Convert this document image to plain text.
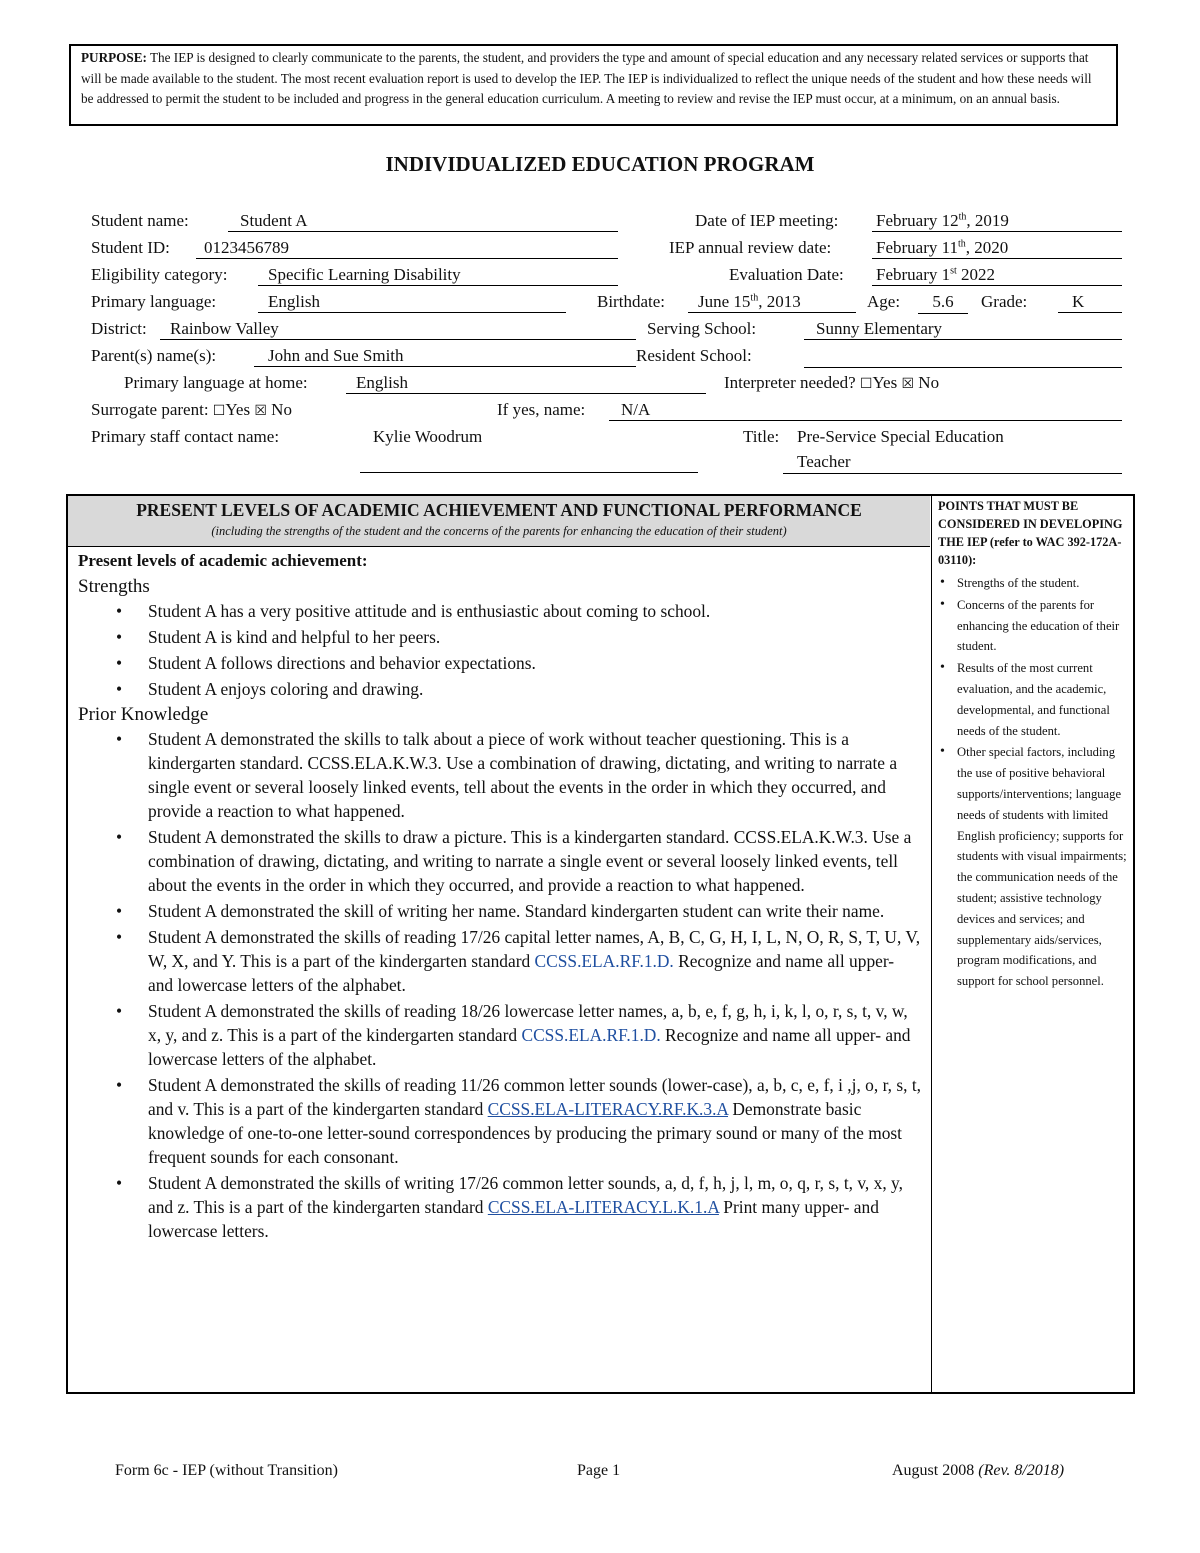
PURPOSE: The IEP is designed to clearly communicate to the parents, the student, and providers the type and amount of special education and any necessary related services or supports that will be made available to the student. The most recent evaluation report is used to develop the IEP. The IEP is individualized to reflect the unique needs of the student and how these needs will be addressed to permit the student to be included and progress in the general education curriculum. A meeting to review and revise the IEP must occur, at a minimum, on an annual basis.
INDIVIDUALIZED EDUCATION PROGRAM
Student name:	Student A	Date of IEP meeting: February 12th, 2019
Student ID:	0123456789	IEP annual review date:	February 11th, 2020
Eligibility category:	Specific Learning Disability	Evaluation Date: February 1st 2022
Primary language:	English	Birthdate:	June 15th, 2013	Age:	5.6	Grade:	K
District:	Rainbow Valley	Serving School:	Sunny Elementary
Parent(s) name(s):	John and Sue Smith	Resident School:
Primary language at home:	English	Interpreter needed? ☐Yes ☒ No
Surrogate parent: ☐Yes ☒ No	If yes, name:	N/A
Primary staff contact name:	Kylie Woodrum	Title: Pre-Service Special Education
Teacher
PRESENT LEVELS OF ACADEMIC ACHIEVEMENT AND FUNCTIONAL PERFORMANCE
(including the strengths of the student and the concerns of the parents for enhancing the education of their student)
Present levels of academic achievement:
Strengths
• Student A has a very positive attitude and is enthusiastic about coming to school.
• Student A is kind and helpful to her peers.
• Student A follows directions and behavior expectations.
• Student A enjoys coloring and drawing.
Prior Knowledge
• Student A demonstrated the skills to talk about a piece of work without teacher questioning. This is a kindergarten standard. CCSS.ELA.K.W.3. Use a combination of drawing, dictating, and writing to narrate a single event or several loosely linked events, tell about the events in the order in which they occurred, and provide a reaction to what happened.
• Student A demonstrated the skills to draw a picture. This is a kindergarten standard. CCSS.ELA.K.W.3. Use a combination of drawing, dictating, and writing to narrate a single event or several loosely linked events, tell about the events in the order in which they occurred, and provide a reaction to what happened.
• Student A demonstrated the skill of writing her name. Standard kindergarten student can write their name.
• Student A demonstrated the skills of reading 17/26 capital letter names, A, B, C, G, H, I, L, N, O, R, S, T, U, V, W, X, and Y. This is a part of the kindergarten standard CCSS.ELA.RF.1.D. Recognize and name all upper- and lowercase letters of the alphabet.
• Student A demonstrated the skills of reading 18/26 lowercase letter names, a, b, e, f, g, h, i, k, l, o, r, s, t, v, w, x, y, and z. This is a part of the kindergarten standard CCSS.ELA.RF.1.D. Recognize and name all upper- and lowercase letters of the alphabet.
• Student A demonstrated the skills of reading 11/26 common letter sounds (lower-case), a, b, c, e, f, i ,j, o, r, s, t, and v. This is a part of the kindergarten standard CCSS.ELA-LITERACY.RF.K.3.A Demonstrate basic knowledge of one-to-one letter-sound correspondences by producing the primary sound or many of the most frequent sounds for each consonant.
• Student A demonstrated the skills of writing 17/26 common letter sounds, a, d, f, h, j, l, m, o, q, r, s, t, v, x, y, and z. This is a part of the kindergarten standard CCSS.ELA-LITERACY.L.K.1.A Print many upper- and lowercase letters.
POINTS THAT MUST BE CONSIDERED IN DEVELOPING THE IEP (refer to WAC 392-172A-03110):
• Strengths of the student.
• Concerns of the parents for enhancing the education of their student.
• Results of the most current evaluation, and the academic, developmental, and functional needs of the student.
• Other special factors, including the use of positive behavioral supports/interventions; language needs of students with limited English proficiency; supports for students with visual impairments; the communication needs of the student; assistive technology devices and services; and supplementary aids/services, program modifications, and support for school personnel.
Form 6c - IEP (without Transition)	Page 1	August 2008 (Rev. 8/2018)
